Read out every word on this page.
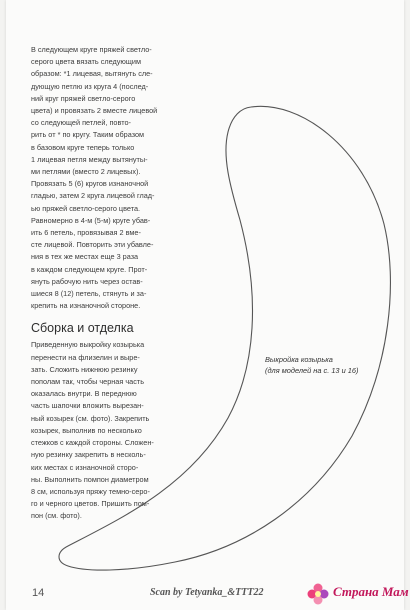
В следующем круге пряжей светло-
серого цвета вязать следующим
образом: *1 лицевая, вытянуть сле-
дующую петлю из круга 4 (послед-
ний круг пряжей светло-серого
цвета) и провязать 2 вместе лицевой
со следующей петлей, повто-
рить от * по кругу. Таким образом
в базовом круге теперь только
1 лицевая петля между вытянуты-
ми петлями (вместо 2 лицевых).
Провязать 5 (6) кругов изнаночной
гладью, затем 2 круга лицевой глад-
ью пряжей светло-серого цвета.
Равномерно в 4-м (5-м) круге убав-
ить 6 петель, провязывая 2 вме-
сте лицевой. Повторить эти убавле-
ния в тех же местах еще 3 раза
в каждом следующем круге. Прот-
януть рабочую нить через остав-
шиеся 8 (12) петель, стянуть и за-
крепить на изнаночной стороне.

Сборка и отделка

Приведенную выкройку козырька
перенести на флизелин и выре-
зать. Сложить нижнюю резинку
пополам так, чтобы черная часть
оказалась внутри. В переднюю
часть шапочки вложить вырезан-
ный козырек (см. фото). Закрепить
козырек, выполнив по несколько
стежков с каждой стороны. Сложен-
ную резинку закрепить в несколь-
ких местах с изнаночной сторо-
ны. Выполнить помпон диаметром
8 см, используя пряжу темно-серо-
го и черного цветов. Пришить пом-
пон (см. фото).

Выкройка козырька
(для моделей на с. 13 и 16)
14	Scan by Tetyanka_&TTT22	Страна Мам
